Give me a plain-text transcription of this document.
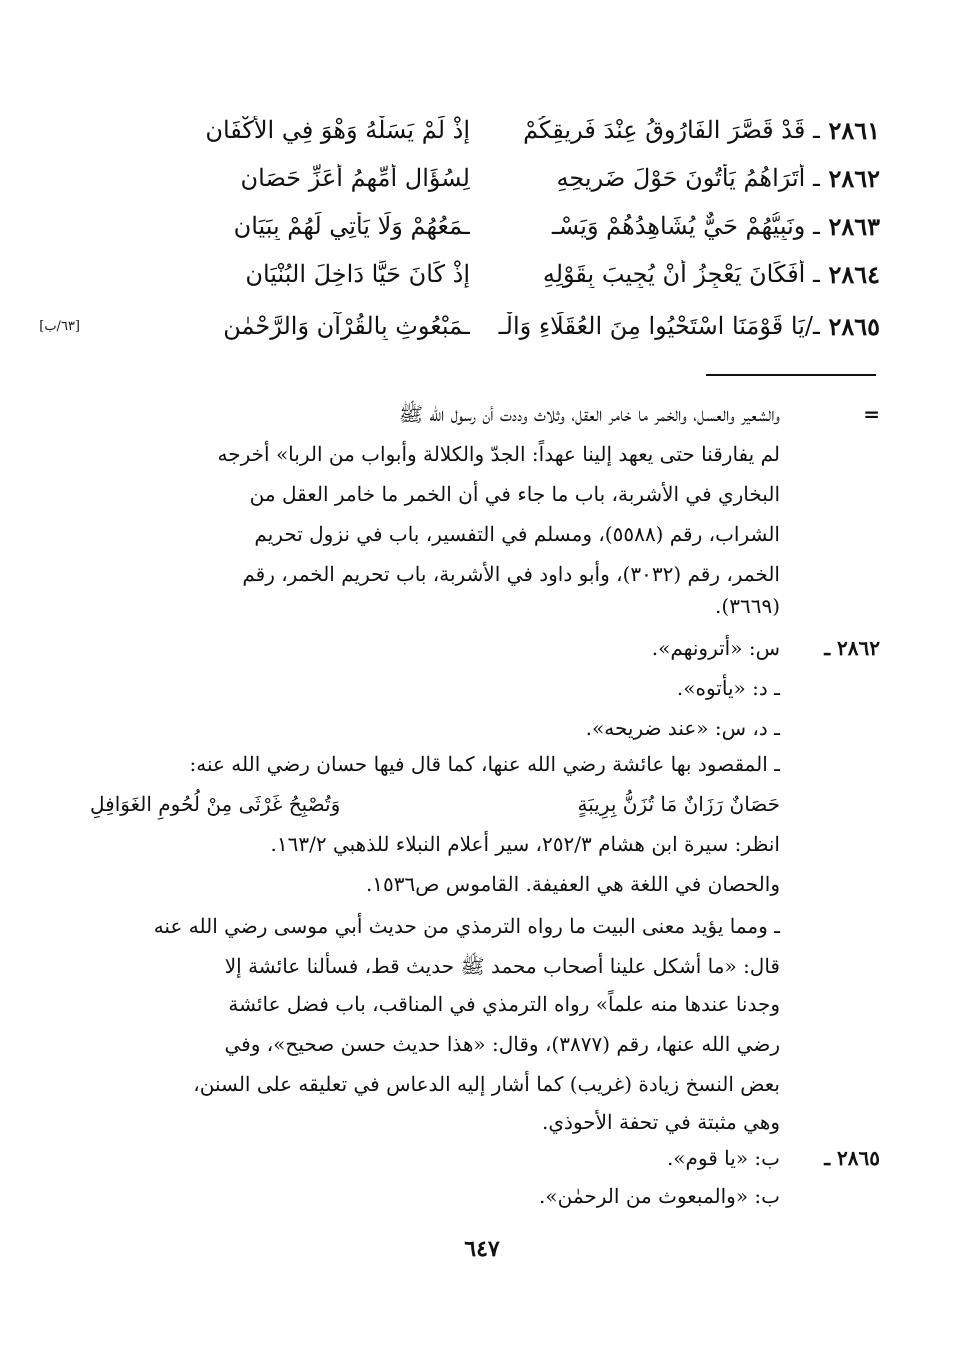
٢٨٦١
ـ قَدْ قَصَّرَ الفَارُوقُ عِنْدَ فَرِيقِكُمْ
إِذْ لَمْ يَسَلْهُ وَهْوَ فِي الأَكْفَانِ
٢٨٦٢
ـ أَتَرَاهُمُ يَأْتُونَ حَوْلَ ضَرِيحِهِ
لِسُؤَالِ أُمِّهِمُ أَعَزِّ حَصَانِ
٢٨٦٣
ـ ونَبِيُّهُمْ حَيٌّ يُشَاهِدُهُمْ وَيَسْـ
ـمَعُهُمْ وَلَا يَأْتِي لَهُمْ بِبَيَانِ
٢٨٦٤
ـ أَفَكَانَ يَعْجِزُ أَنْ يُجِيبَ بِقَوْلِهِ
إِذْ كَانَ حَيًّا دَاخِلَ البُنْيَانِ
٢٨٦٥
ـ/يَا قَوْمَنَا اسْتَحْيُوا مِنَ العُقَلَاءِ وَالْـ
ـمَبْعُوثِ بِالقُرْآنِ وَالرَّحْمٰنِ
[٦٣/ب]
=
والشعير والعسل، والخمر ما خامر العقل، وثلاث وددت أن رسول الله ﷺ
لم يفارقنا حتى يعهد إلينا عهداً: الجدّ والكلالة وأبواب من الربا» أخرجه
البخاري في الأشربة، باب ما جاء في أن الخمر ما خامر العقل من
الشراب، رقم (٥٥٨٨)، ومسلم في التفسير، باب في نزول تحريم
الخمر، رقم (٣٠٣٢)، وأبو داود في الأشربة، باب تحريم الخمر، رقم
(٣٦٦٩).
٢٨٦٢ ـ
س: «أترونهم».
ـ د: «يأتوه».
ـ د، س: «عند ضريحه».
ـ المقصود بها عائشة رضي الله عنها، كما قال فيها حسان رضي الله عنه:
حَصَانٌ رَزَانٌ مَا تُزَنُّ بِرِيبَةٍ
وَتُصْبِحُ غَرْثَى مِنْ لُحُومِ الغَوَافِلِ
انظر: سيرة ابن هشام ٢٥٢/٣، سير أعلام النبلاء للذهبي ١٦٣/٢.
والحصان في اللغة هي العفيفة. القاموس ص١٥٣٦.
ـ ومما يؤيد معنى البيت ما رواه الترمذي من حديث أبي موسى رضي الله عنه
قال: «ما أشكل علينا أصحاب محمد ﷺ حديث قط، فسألنا عائشة إلا
وجدنا عندها منه علماً» رواه الترمذي في المناقب، باب فضل عائشة
رضي الله عنها، رقم (٣٨٧٧)، وقال: «هذا حديث حسن صحيح»، وفي
بعض النسخ زيادة (غريب) كما أشار إليه الدعاس في تعليقه على السنن،
وهي مثبتة في تحفة الأحوذي.
٢٨٦٥ ـ
ب: «يا قوم».
ب: «والمبعوث من الرحمٰن».
٦٤٧
